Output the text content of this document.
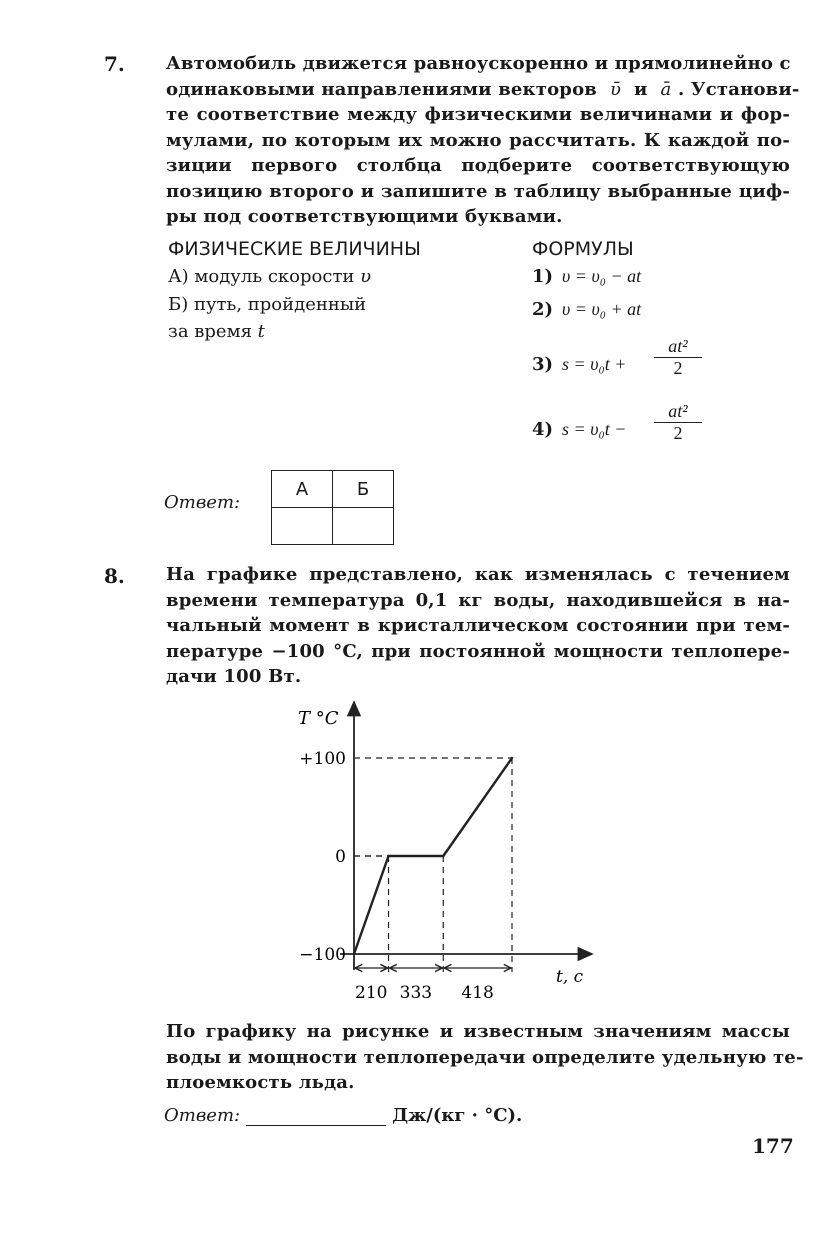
7. Автомобиль движется равноускоренно и прямолинейно с
одинаковыми направлениями векторов ῡ и ā . Установи-
те соответствие между физическими величинами и фор-
мулами, по которым их можно рассчитать. К каждой по-
зиции первого столбца подберите соответствующую
позицию второго и запишите в таблицу выбранные циф-
ры под соответствующими буквами.
ФИЗИЧЕСКИЕ ВЕЛИЧИНЫ	ФОРМУЛЫ
А) модуль скорости υ
Б) путь, пройденный
за время t
1) υ = υ₀ − at
2) υ = υ₀ + at
3) $s = \upsilon_0t + \frac{\text{at²}}{2}$
4) $s = \upsilon_0t - \frac{\text{at²}}{2}$
Ответ:
А	Б

8. На графике представлено, как изменялась с течением
времени температура 0,1 кг воды, находившейся в на-
чальный момент в кристаллическом состоянии при тем-
пературе −100 °C, при постоянной мощности теплопере-
дачи 100 Вт.
T °C
t, c
+100
0
−100
210 333 418
По графику на рисунке и известным значениям массы
воды и мощности теплопередачи определите удельную те-
плоемкость льда.
Ответ:	Дж/(кг · °C).
177
